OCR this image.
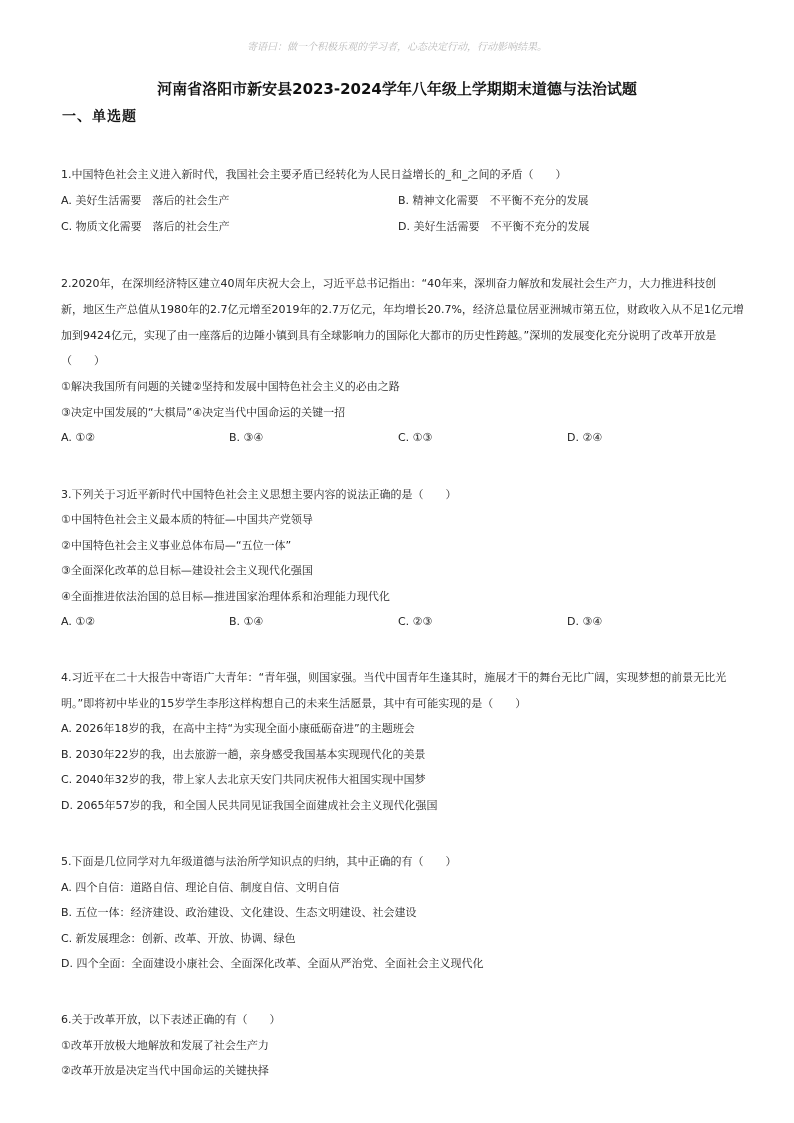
寄语曰：做一个积极乐观的学习者，心态决定行动，行动影响结果。
河南省洛阳市新安县2023-2024学年八年级上学期期末道德与法治试题
一、单选题
1.中国特色社会主义进入新时代，我国社会主要矛盾已经转化为人民日益增长的_和_之间的矛盾（　　）
A. 美好生活需要　落后的社会生产	B. 精神文化需要　不平衡不充分的发展
C. 物质文化需要　落后的社会生产	D. 美好生活需要　不平衡不充分的发展
2.2020年，在深圳经济特区建立40周年庆祝大会上，习近平总书记指出：“40年来，深圳奋力解放和发展社会生产力，大力推进科技创
新，地区生产总值从1980年的2.7亿元增至2019年的2.7万亿元，年均增长20.7%，经济总量位居亚洲城市第五位，财政收入从不足1亿元增
加到9424亿元，实现了由一座落后的边陲小镇到具有全球影响力的国际化大都市的历史性跨越。”深圳的发展变化充分说明了改革开放是
（　　）
①解决我国所有问题的关键②坚持和发展中国特色社会主义的必由之路
③决定中国发展的“大棋局”④决定当代中国命运的关键一招
A. ①②	B. ③④	C. ①③	D. ②④
3.下列关于习近平新时代中国特色社会主义思想主要内容的说法正确的是（　　）
①中国特色社会主义最本质的特征—中国共产党领导
②中国特色社会主义事业总体布局—“五位一体”
③全面深化改革的总目标—建设社会主义现代化强国
④全面推进依法治国的总目标—推进国家治理体系和治理能力现代化
A. ①②	B. ①④	C. ②③	D. ③④
4.习近平在二十大报告中寄语广大青年：“青年强，则国家强。当代中国青年生逢其时，施展才干的舞台无比广阔，实现梦想的前景无比光
明。”即将初中毕业的15岁学生李彤这样构想自己的未来生活愿景，其中有可能实现的是（　　）
A. 2026年18岁的我，在高中主持“为实现全面小康砥砺奋进”的主题班会
B. 2030年22岁的我，出去旅游一趟，亲身感受我国基本实现现代化的美景
C. 2040年32岁的我，带上家人去北京天安门共同庆祝伟大祖国实现中国梦
D. 2065年57岁的我，和全国人民共同见证我国全面建成社会主义现代化强国
5.下面是几位同学对九年级道德与法治所学知识点的归纳，其中正确的有（　　）
A. 四个自信：道路自信、理论自信、制度自信、文明自信
B. 五位一体：经济建设、政治建设、文化建设、生态文明建设、社会建设
C. 新发展理念：创新、改革、开放、协调、绿色
D. 四个全面：全面建设小康社会、全面深化改革、全面从严治党、全面社会主义现代化
6.关于改革开放，以下表述正确的有（　　）
①改革开放极大地解放和发展了社会生产力
②改革开放是决定当代中国命运的关键抉择
